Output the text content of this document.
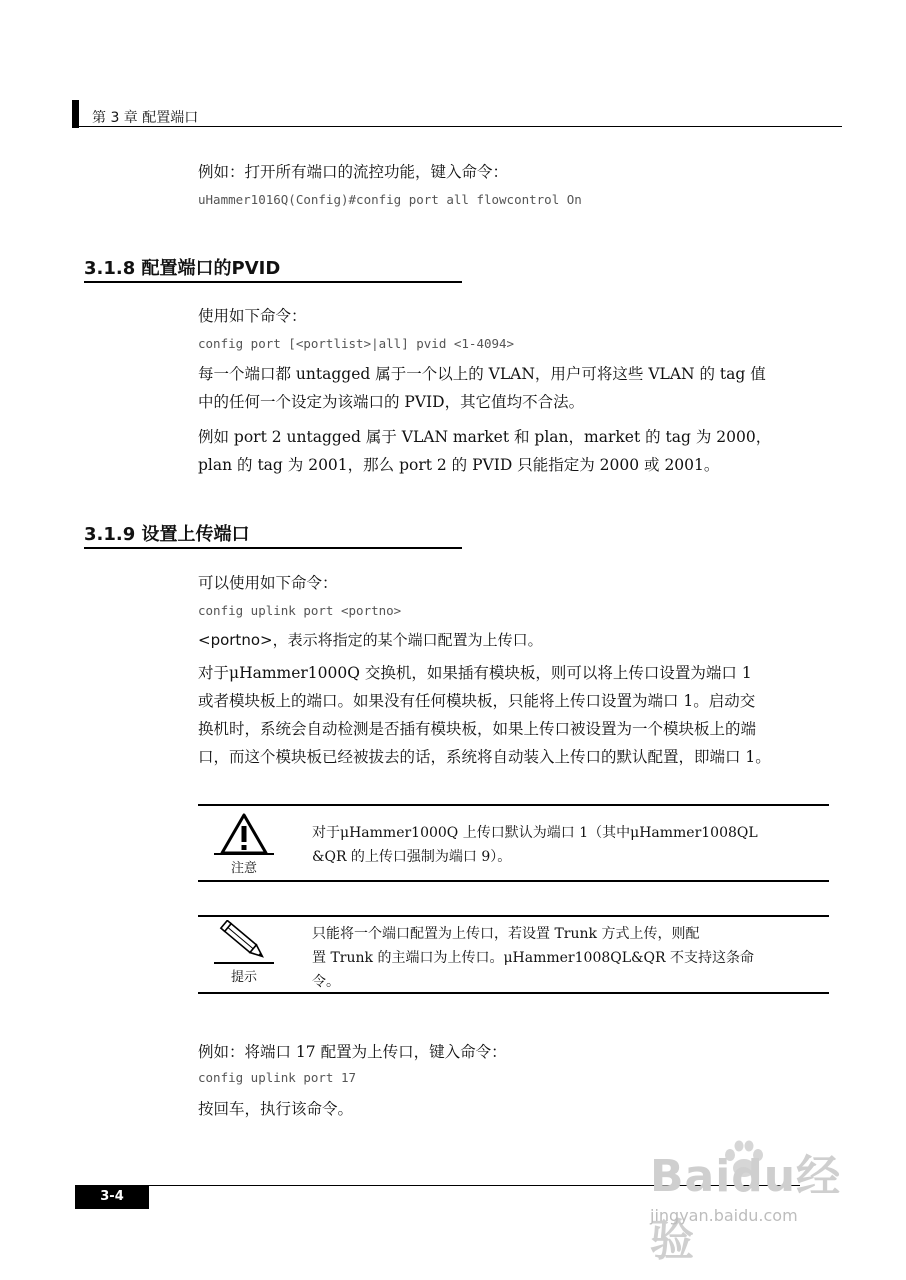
第 3 章 配置端口
例如：打开所有端口的流控功能，键入命令：
uHammer1016Q(Config)#config port all flowcontrol On
3.1.8 配置端口的PVID
使用如下命令：
config port [<portlist>|all] pvid <1-4094>
每一个端口都 untagged 属于一个以上的 VLAN，用户可将这些 VLAN 的 tag 值
中的任何一个设定为该端口的 PVID，其它值均不合法。
例如 port 2 untagged 属于 VLAN market 和 plan，market 的 tag 为 2000，
plan 的 tag 为 2001，那么 port 2 的 PVID 只能指定为 2000 或 2001。
3.1.9 设置上传端口
可以使用如下命令：
config uplink port <portno>
<portno>，表示将指定的某个端口配置为上传口。
对于μHammer1000Q 交换机，如果插有模块板，则可以将上传口设置为端口 1
或者模块板上的端口。如果没有任何模块板，只能将上传口设置为端口 1。启动交
换机时，系统会自动检测是否插有模块板，如果上传口被设置为一个模块板上的端
口，而这个模块板已经被拔去的话，系统将自动装入上传口的默认配置，即端口 1。
注意
对于μHammer1000Q 上传口默认为端口 1（其中μHammer1008QL
&QR 的上传口强制为端口 9）。
提示
只能将一个端口配置为上传口，若设置 Trunk 方式上传，则配
置 Trunk 的主端口为上传口。μHammer1008QL&QR 不支持这条命
令。
例如：将端口 17 配置为上传口，键入命令：
config uplink port 17
按回车，执行该命令。
3-4	Baidu经验
jingyan.baidu.com
